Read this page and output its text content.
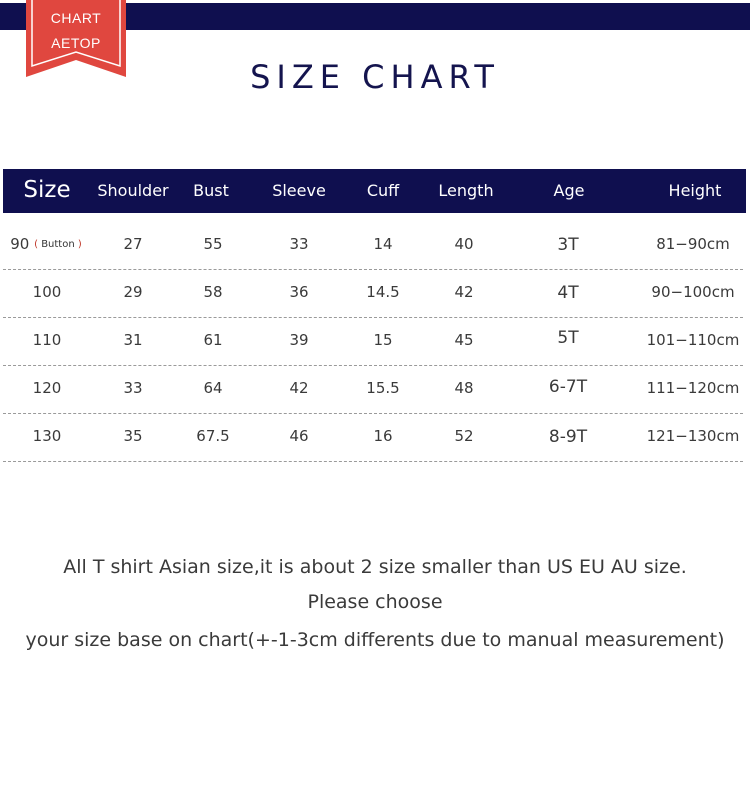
CHART
AETOP
SIZE CHART
Size	Shoulder	Bust	Sleeve	Cuff	Length	Age	Height
90 ( Button )	27	55	33	14	40	3T	81−90cm
100	29	58	36	14.5	42	4T	90−100cm
110	31	61	39	15	45	5T	101−110cm
120	33	64	42	15.5	48	6-7T	111−120cm
130	35	67.5	46	16	52	8-9T	121−130cm
All T shirt Asian size,it is about 2 size smaller than US EU AU size.
Please choose
your size base on chart(+-1-3cm differents due to manual measurement)
